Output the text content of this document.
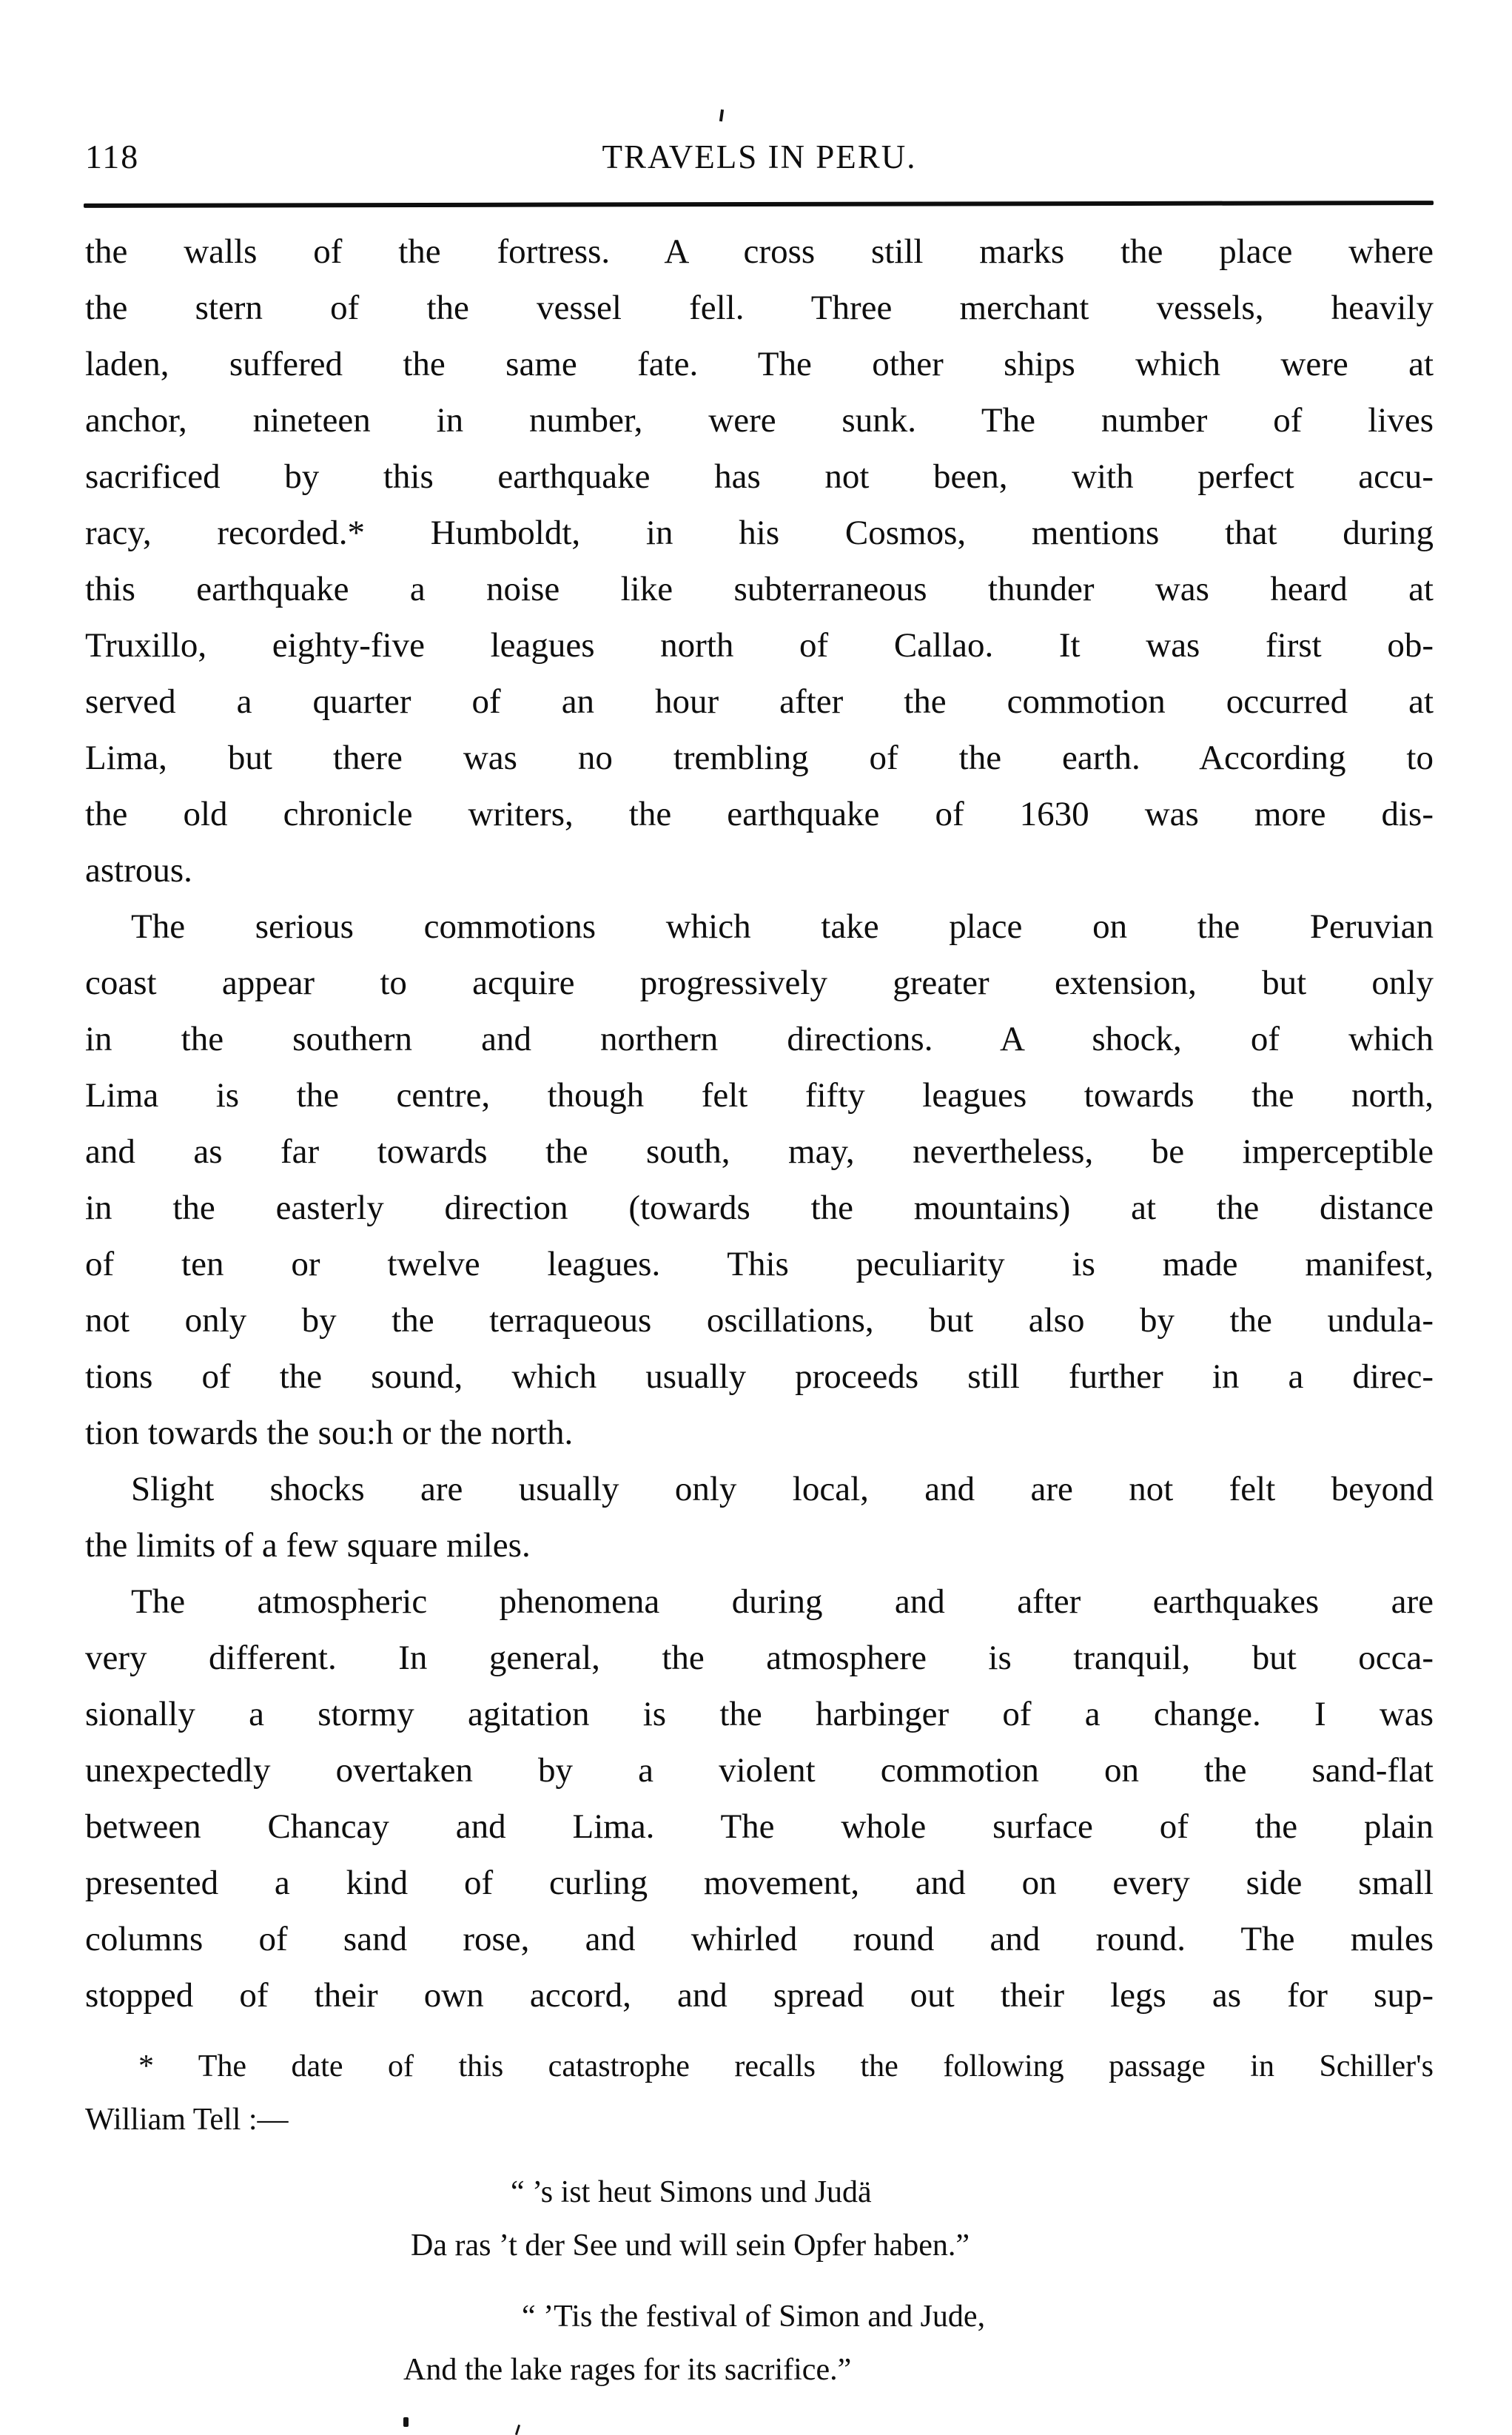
118	TRAVELS IN PERU.
the walls of the fortress. A cross still marks the place where
the stern of the vessel fell. Three merchant vessels, heavily
laden, suffered the same fate. The other ships which were at
anchor, nineteen in number, were sunk. The number of lives
sacrificed by this earthquake has not been, with perfect accu-
racy, recorded.* Humboldt, in his Cosmos, mentions that during
this earthquake a noise like subterraneous thunder was heard at
Truxillo, eighty-five leagues north of Callao. It was first ob-
served a quarter of an hour after the commotion occurred at
Lima, but there was no trembling of the earth. According to
the old chronicle writers, the earthquake of 1630 was more dis-
astrous.
The serious commotions which take place on the Peruvian
coast appear to acquire progressively greater extension, but only
in the southern and northern directions. A shock, of which
Lima is the centre, though felt fifty leagues towards the north,
and as far towards the south, may, nevertheless, be imperceptible
in the easterly direction (towards the mountains) at the distance
of ten or twelve leagues. This peculiarity is made manifest,
not only by the terraqueous oscillations, but also by the undula-
tions of the sound, which usually proceeds still further in a direc-
tion towards the sou:h or the north.
Slight shocks are usually only local, and are not felt beyond
the limits of a few square miles.
The atmospheric phenomena during and after earthquakes are
very different. In general, the atmosphere is tranquil, but occa-
sionally a stormy agitation is the harbinger of a change. I was
unexpectedly overtaken by a violent commotion on the sand-flat
between Chancay and Lima. The whole surface of the plain
presented a kind of curling movement, and on every side small
columns of sand rose, and whirled round and round. The mules
stopped of their own accord, and spread out their legs as for sup-
* The date of this catastrophe recalls the following passage in Schiller's
William Tell :—
“ ’s ist heut Simons und Judä
Da ras ’t der See und will sein Opfer haben.”
“ ’Tis the festival of Simon and Jude,
And the lake rages for its sacrifice.”
